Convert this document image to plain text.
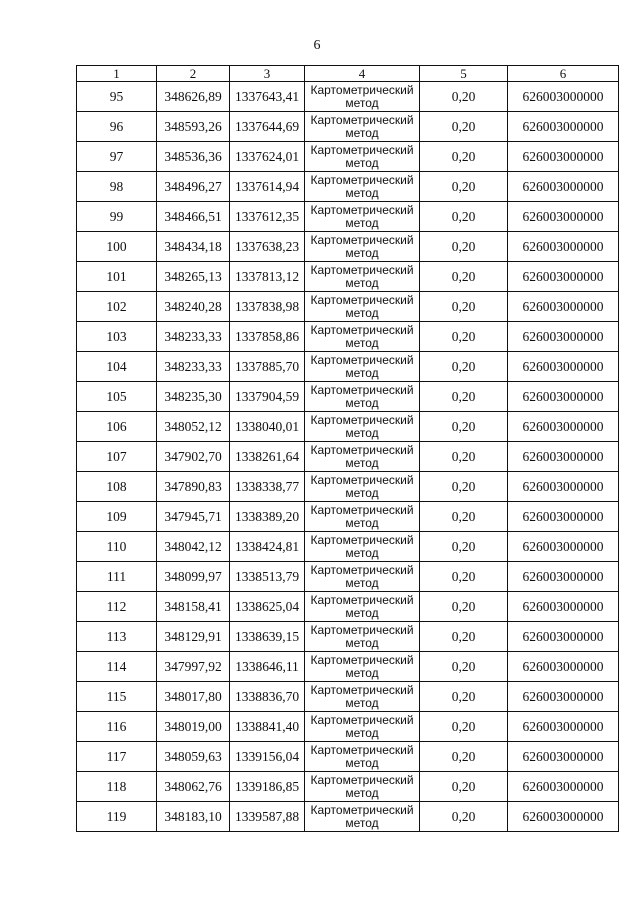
6
1	2	3	4	5	6
95	348626,89	1337643,41	Картометрический
метод	0,20	626003000000
96	348593,26	1337644,69	Картометрический
метод	0,20	626003000000
97	348536,36	1337624,01	Картометрический
метод	0,20	626003000000
98	348496,27	1337614,94	Картометрический
метод	0,20	626003000000
99	348466,51	1337612,35	Картометрический
метод	0,20	626003000000
100	348434,18	1337638,23	Картометрический
метод	0,20	626003000000
101	348265,13	1337813,12	Картометрический
метод	0,20	626003000000
102	348240,28	1337838,98	Картометрический
метод	0,20	626003000000
103	348233,33	1337858,86	Картометрический
метод	0,20	626003000000
104	348233,33	1337885,70	Картометрический
метод	0,20	626003000000
105	348235,30	1337904,59	Картометрический
метод	0,20	626003000000
106	348052,12	1338040,01	Картометрический
метод	0,20	626003000000
107	347902,70	1338261,64	Картометрический
метод	0,20	626003000000
108	347890,83	1338338,77	Картометрический
метод	0,20	626003000000
109	347945,71	1338389,20	Картометрический
метод	0,20	626003000000
110	348042,12	1338424,81	Картометрический
метод	0,20	626003000000
111	348099,97	1338513,79	Картометрический
метод	0,20	626003000000
112	348158,41	1338625,04	Картометрический
метод	0,20	626003000000
113	348129,91	1338639,15	Картометрический
метод	0,20	626003000000
114	347997,92	1338646,11	Картометрический
метод	0,20	626003000000
115	348017,80	1338836,70	Картометрический
метод	0,20	626003000000
116	348019,00	1338841,40	Картометрический
метод	0,20	626003000000
117	348059,63	1339156,04	Картометрический
метод	0,20	626003000000
118	348062,76	1339186,85	Картометрический
метод	0,20	626003000000
119	348183,10	1339587,88	Картометрический
метод	0,20	626003000000
